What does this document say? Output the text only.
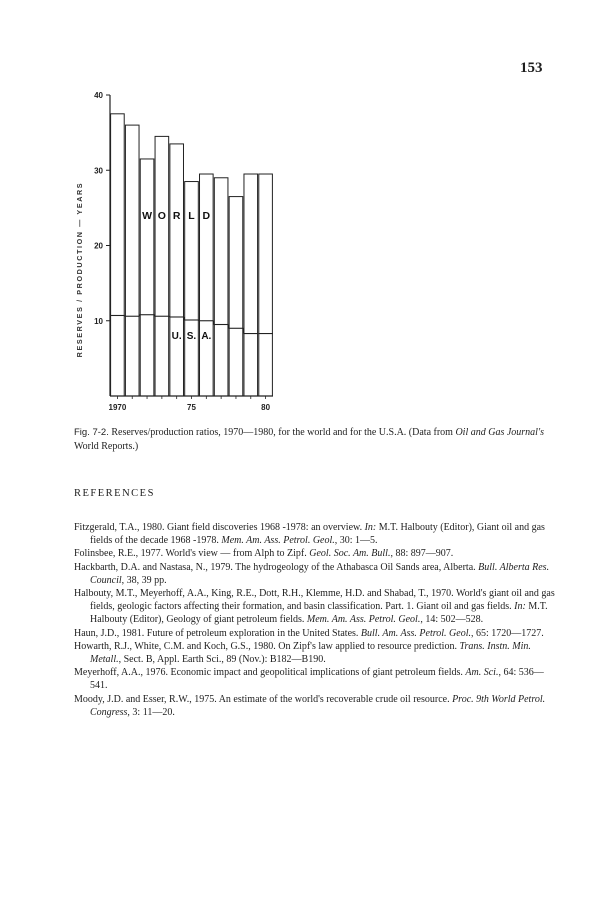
153
10
20
30
40
RESERVES / PRODUCTION — YEARS
1970	75	80
W O R L D
U. S. A.
Fig. 7-2. Reserves/production ratios, 1970—1980, for the world and for the U.S.A. (Data from Oil and Gas Journal's World Reports.)
REFERENCES
Fitzgerald, T.A., 1980. Giant field discoveries 1968 -1978: an overview. In: M.T. Halbouty (Editor), Giant oil and gas fields of the decade 1968 -1978. Mem. Am. Ass. Petrol. Geol., 30: 1—5.
Folinsbee, R.E., 1977. World's view — from Alph to Zipf. Geol. Soc. Am. Bull., 88: 897—907.
Hackbarth, D.A. and Nastasa, N., 1979. The hydrogeology of the Athabasca Oil Sands area, Alberta. Bull. Alberta Res. Council, 38, 39 pp.
Halbouty, M.T., Meyerhoff, A.A., King, R.E., Dott, R.H., Klemme, H.D. and Shabad, T., 1970. World's giant oil and gas fields, geologic factors affecting their formation, and basin classification. Part. 1. Giant oil and gas fields. In: M.T. Halbouty (Editor), Geology of giant petroleum fields. Mem. Am. Ass. Petrol. Geol., 14: 502—528.
Haun, J.D., 1981. Future of petroleum exploration in the United States. Bull. Am. Ass. Petrol. Geol., 65: 1720—1727.
Howarth, R.J., White, C.M. and Koch, G.S., 1980. On Zipf's law applied to resource prediction. Trans. Instn. Min. Metall., Sect. B, Appl. Earth Sci., 89 (Nov.): B182—B190.
Meyerhoff, A.A., 1976. Economic impact and geopolitical implications of giant petroleum fields. Am. Sci., 64: 536—541.
Moody, J.D. and Esser, R.W., 1975. An estimate of the world's recoverable crude oil resource. Proc. 9th World Petrol. Congress, 3: 11—20.
